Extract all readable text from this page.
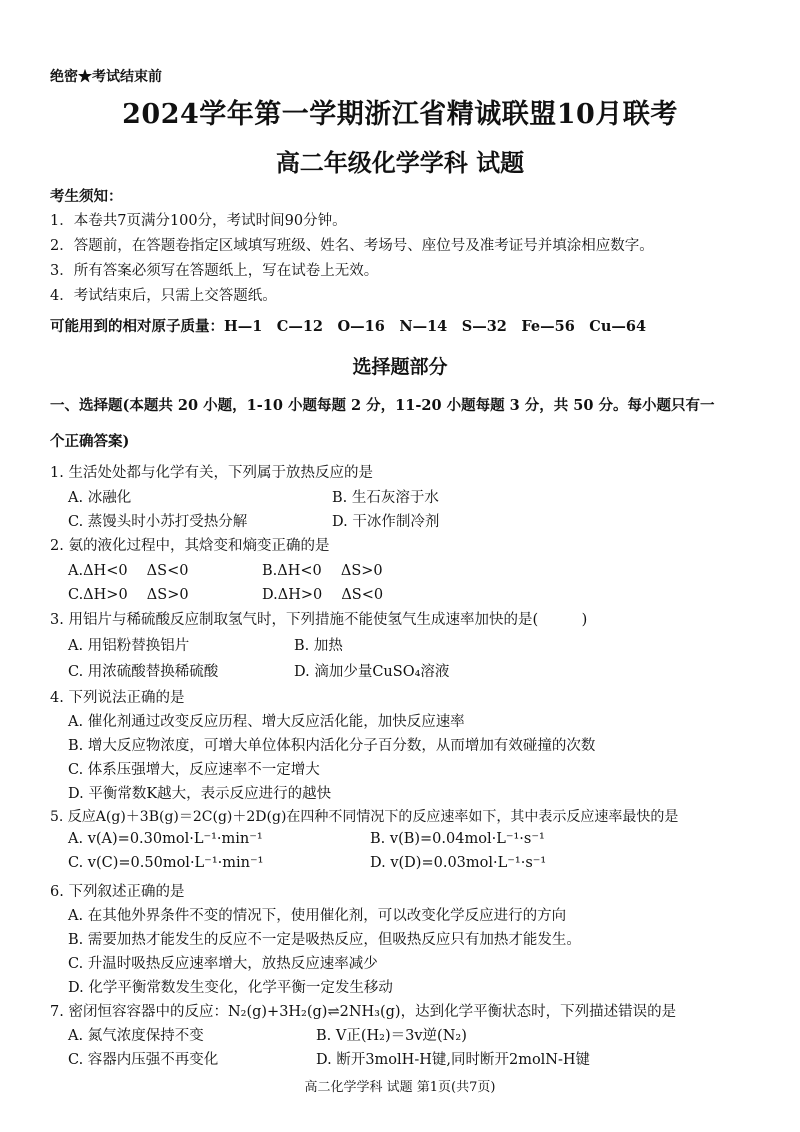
绝密★考试结束前
2024学年第一学期浙江省精诚联盟10月联考
高二年级化学学科 试题
考生须知：
1．本卷共7页满分100分，考试时间90分钟。
2．答题前，在答题卷指定区域填写班级、姓名、考场号、座位号及准考证号并填涂相应数字。
3．所有答案必须写在答题纸上，写在试卷上无效。
4．考试结束后，只需上交答题纸。
可能用到的相对原子质量：H—1　C—12　O—16　N—14　S—32　Fe—56　Cu—64
选择题部分
一、选择题(本题共 20 小题，1-10 小题每题 2 分，11-20 小题每题 3 分，共 50 分。每小题只有一
个正确答案)
1. 生活处处都与化学有关，下列属于放热反应的是
A. 冰融化	B. 生石灰溶于水
C. 蒸馒头时小苏打受热分解	D. 干冰作制冷剂
2. 氨的液化过程中，其焓变和熵变正确的是
A.ΔH<0　 ΔS<0	B.ΔH<0　 ΔS>0
C.ΔH>0　 ΔS>0	D.ΔH>0　 ΔS<0
3. 用铝片与稀硫酸反应制取氢气时，下列措施不能使氢气生成速率加快的是(　　　)
A. 用铝粉替换铝片	B. 加热
C. 用浓硫酸替换稀硫酸	D. 滴加少量CuSO₄溶液
4. 下列说法正确的是
A. 催化剂通过改变反应历程、增大反应活化能，加快反应速率
B. 增大反应物浓度，可增大单位体积内活化分子百分数，从而增加有效碰撞的次数
C. 体系压强增大，反应速率不一定增大
D. 平衡常数K越大，表示反应进行的越快
5. 反应A(g)＋3B(g)＝2C(g)＋2D(g)在四种不同情况下的反应速率如下，其中表示反应速率最快的是
A. v(A)=0.30mol·L⁻¹·min⁻¹	B. v(B)=0.04mol·L⁻¹·s⁻¹
C. v(C)=0.50mol·L⁻¹·min⁻¹	D. v(D)=0.03mol·L⁻¹·s⁻¹
6. 下列叙述正确的是
A. 在其他外界条件不变的情况下，使用催化剂，可以改变化学反应进行的方向
B. 需要加热才能发生的反应不一定是吸热反应，但吸热反应只有加热才能发生。
C. 升温时吸热反应速率增大，放热反应速率减少
D. 化学平衡常数发生变化，化学平衡一定发生移动
7. 密闭恒容容器中的反应：N₂(g)+3H₂(g)⇌2NH₃(g)，达到化学平衡状态时，下列描述错误的是
A. 氮气浓度保持不变	B. V正(H₂)＝3v逆(N₂)
C. 容器内压强不再变化	D. 断开3molH-H键,同时断开2molN-H键
高二化学学科 试题 第1页(共7页)
